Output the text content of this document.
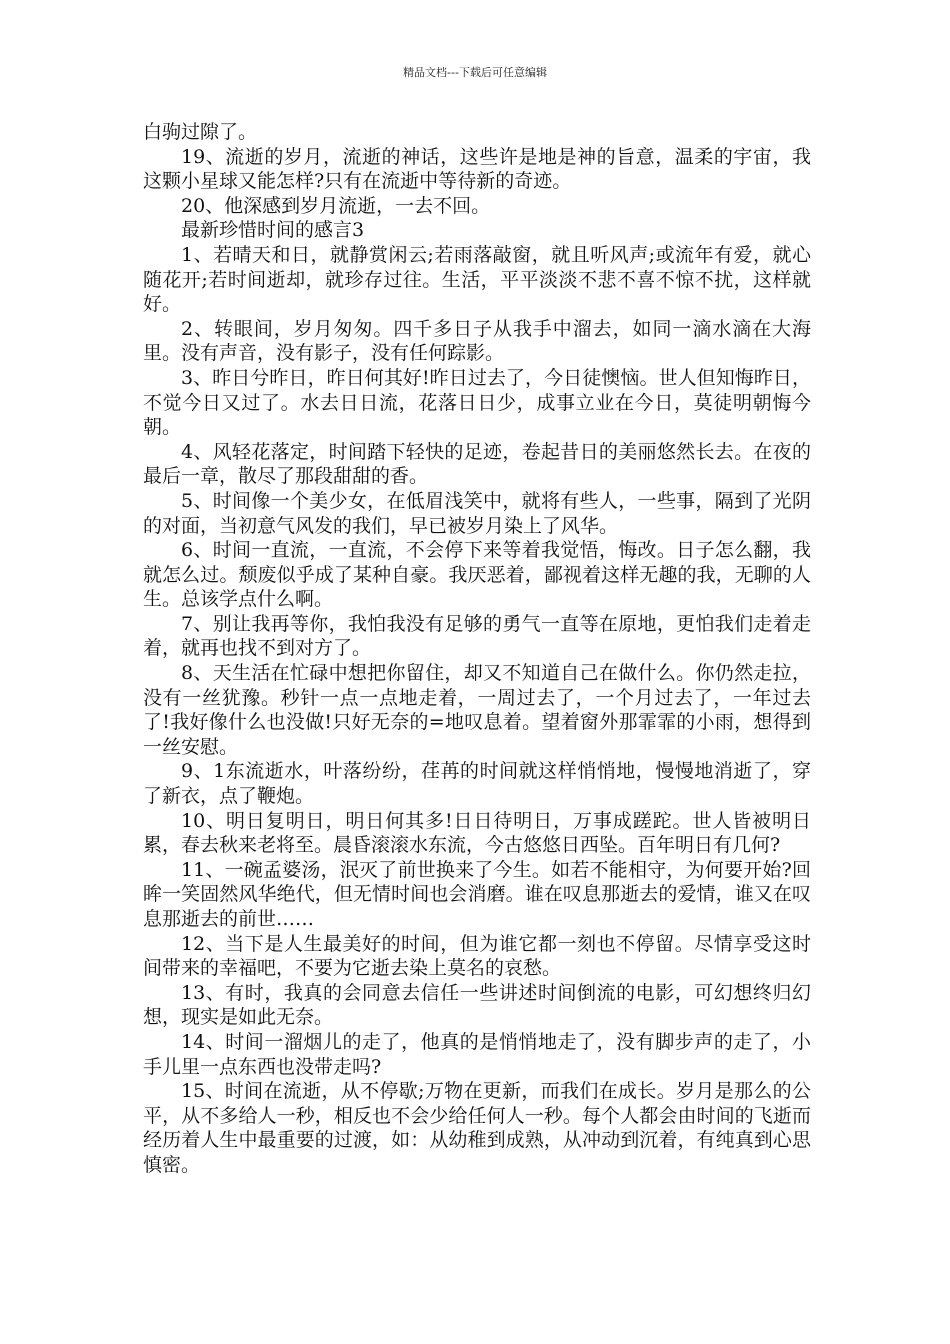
精品文档---下载后可任意编辑

白驹过隙了。

19、流逝的岁月，流逝的神话，这些许是地是神的旨意，温柔的宇宙，我这颗小星球又能怎样?只有在流逝中等待新的奇迹。

20、他深感到岁月流逝，一去不回。

最新珍惜时间的感言3

1、若晴天和日，就静赏闲云;若雨落敲窗，就且听风声;或流年有爱，就心随花开;若时间逝却，就珍存过往。生活，平平淡淡不悲不喜不惊不扰，这样就好。

2、转眼间，岁月匆匆。四千多日子从我手中溜去，如同一滴水滴在大海里。没有声音，没有影子，没有任何踪影。

3、昨日兮昨日，昨日何其好!昨日过去了，今日徒懊恼。世人但知悔昨日，不觉今日又过了。水去日日流，花落日日少，成事立业在今日，莫徒明朝悔今朝。

4、风轻花落定，时间踏下轻快的足迹，卷起昔日的美丽悠然长去。在夜的最后一章，散尽了那段甜甜的香。

5、时间像一个美少女，在低眉浅笑中，就将有些人，一些事，隔到了光阴的对面，当初意气风发的我们，早已被岁月染上了风华。

6、时间一直流，一直流，不会停下来等着我觉悟，悔改。日子怎么翻，我就怎么过。颓废似乎成了某种自豪。我厌恶着，鄙视着这样无趣的我，无聊的人生。总该学点什么啊。

7、别让我再等你，我怕我没有足够的勇气一直等在原地，更怕我们走着走着，就再也找不到对方了。

8、天生活在忙碌中想把你留住，却又不知道自己在做什么。你仍然走拉，没有一丝犹豫。秒针一点一点地走着，一周过去了，一个月过去了，一年过去了!我好像什么也没做!只好无奈的=地叹息着。望着窗外那霏霏的小雨，想得到一丝安慰。

9、1东流逝水，叶落纷纷，荏苒的时间就这样悄悄地，慢慢地消逝了，穿了新衣，点了鞭炮。

10、明日复明日，明日何其多!日日待明日，万事成蹉跎。世人皆被明日累，春去秋来老将至。晨昏滚滚水东流，今古悠悠日西坠。百年明日有几何?

11、一碗孟婆汤，泯灭了前世换来了今生。如若不能相守，为何要开始?回眸一笑固然风华绝代，但无情时间也会消磨。谁在叹息那逝去的爱情，谁又在叹息那逝去的前世……

12、当下是人生最美好的时间，但为谁它都一刻也不停留。尽情享受这时间带来的幸福吧，不要为它逝去染上莫名的哀愁。

13、有时，我真的会同意去信任一些讲述时间倒流的电影，可幻想终归幻想，现实是如此无奈。

14、时间一溜烟儿的走了，他真的是悄悄地走了，没有脚步声的走了，小手儿里一点东西也没带走吗?

15、时间在流逝，从不停歇;万物在更新，而我们在成长。岁月是那么的公平，从不多给人一秒，相反也不会少给任何人一秒。每个人都会由时间的飞逝而经历着人生中最重要的过渡，如：从幼稚到成熟，从冲动到沉着，有纯真到心思慎密。
